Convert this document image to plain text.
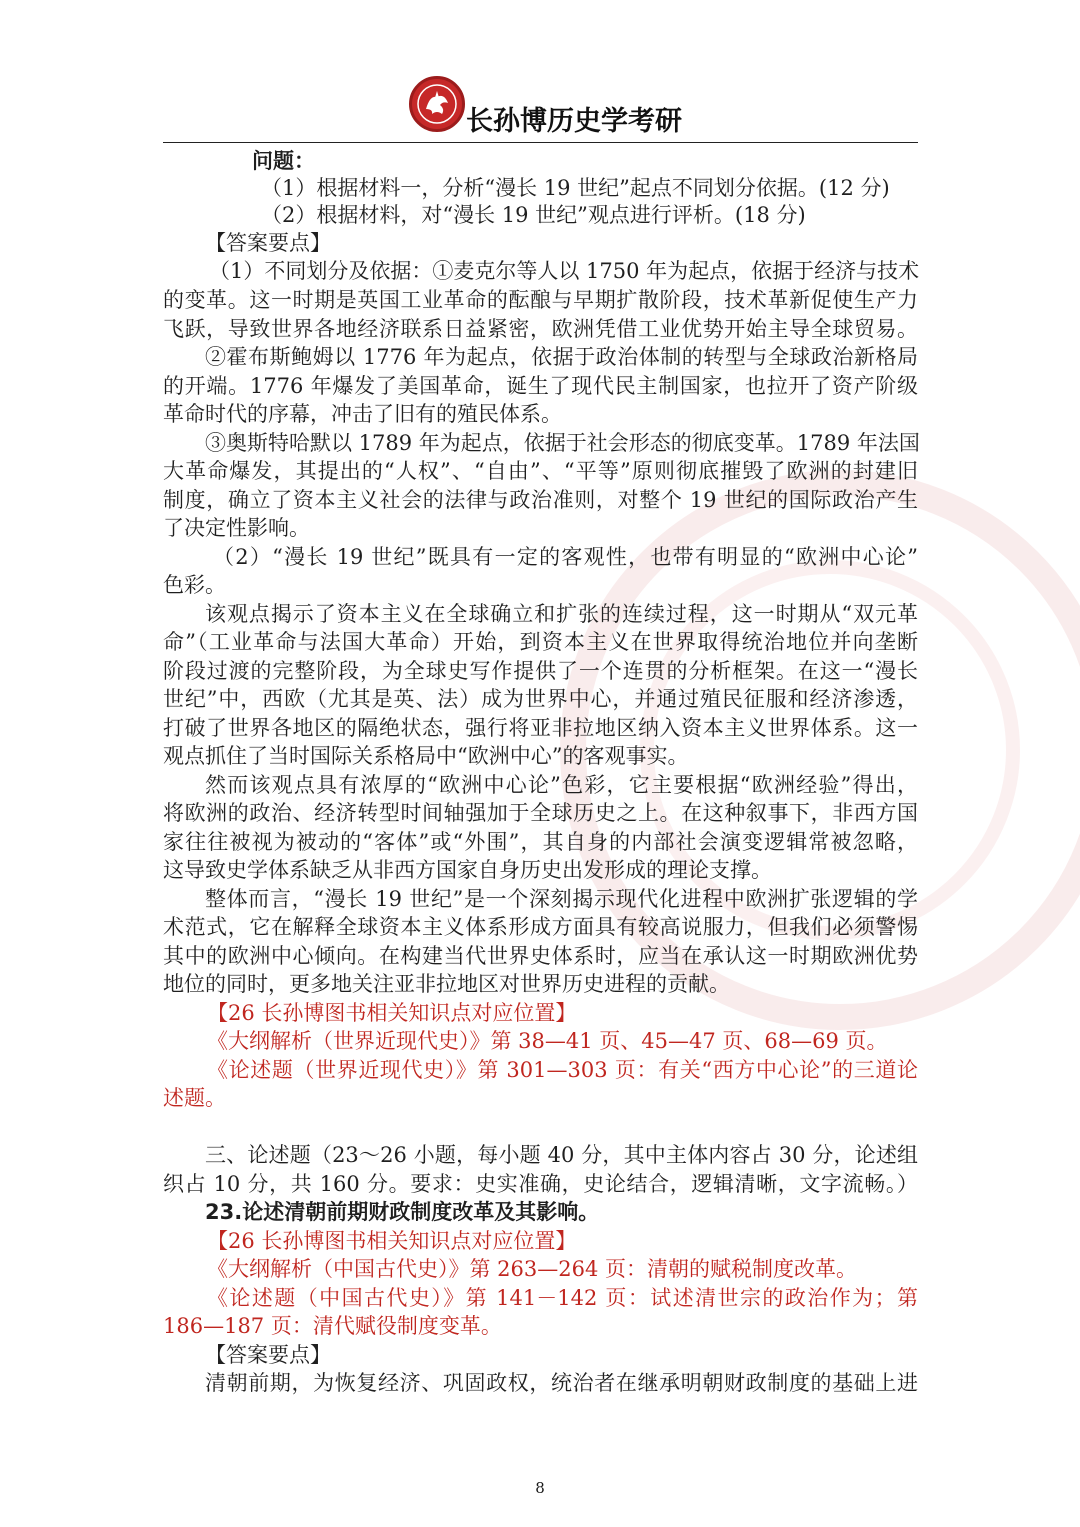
长孙博历史学考研
问题：
（1）根据材料一，分析“漫长 19 世纪”起点不同划分依据。(12 分)
（2）根据材料，对“漫长 19 世纪”观点进行评析。(18 分)
【答案要点】
（1）不同划分及依据：①麦克尔等人以 1750 年为起点，依据于经济与技术
的变革。这一时期是英国工业革命的酝酿与早期扩散阶段，技术革新促使生产力
飞跃，导致世界各地经济联系日益紧密，欧洲凭借工业优势开始主导全球贸易。
②霍布斯鲍姆以 1776 年为起点，依据于政治体制的转型与全球政治新格局
的开端。1776 年爆发了美国革命，诞生了现代民主制国家，也拉开了资产阶级
革命时代的序幕，冲击了旧有的殖民体系。
③奥斯特哈默以 1789 年为起点，依据于社会形态的彻底变革。1789 年法国
大革命爆发，其提出的“人权”、“自由”、“平等”原则彻底摧毁了欧洲的封建旧
制度，确立了资本主义社会的法律与政治准则，对整个 19 世纪的国际政治产生
了决定性影响。
（2）“漫长 19 世纪”既具有一定的客观性，也带有明显的“欧洲中心论”
色彩。
该观点揭示了资本主义在全球确立和扩张的连续过程，这一时期从“双元革
命”（工业革命与法国大革命）开始，到资本主义在世界取得统治地位并向垄断
阶段过渡的完整阶段，为全球史写作提供了一个连贯的分析框架。在这一“漫长
世纪”中，西欧（尤其是英、法）成为世界中心，并通过殖民征服和经济渗透，
打破了世界各地区的隔绝状态，强行将亚非拉地区纳入资本主义世界体系。这一
观点抓住了当时国际关系格局中“欧洲中心”的客观事实。
然而该观点具有浓厚的“欧洲中心论”色彩，它主要根据“欧洲经验”得出，
将欧洲的政治、经济转型时间轴强加于全球历史之上。在这种叙事下，非西方国
家往往被视为被动的“客体”或“外围”，其自身的内部社会演变逻辑常被忽略，
这导致史学体系缺乏从非西方国家自身历史出发形成的理论支撑。
整体而言，“漫长 19 世纪”是一个深刻揭示现代化进程中欧洲扩张逻辑的学
术范式，它在解释全球资本主义体系形成方面具有较高说服力，但我们必须警惕
其中的欧洲中心倾向。在构建当代世界史体系时，应当在承认这一时期欧洲优势
地位的同时，更多地关注亚非拉地区对世界历史进程的贡献。
【26 长孙博图书相关知识点对应位置】
《大纲解析（世界近现代史）》第 38—41 页、45—47 页、68—69 页。
《论述题（世界近现代史）》第 301—303 页：有关“西方中心论”的三道论
述题。
三、论述题（23～26 小题，每小题 40 分，其中主体内容占 30 分，论述组
织占 10 分，共 160 分。要求：史实准确，史论结合，逻辑清晰，文字流畅。）
23.论述清朝前期财政制度改革及其影响。
【26 长孙博图书相关知识点对应位置】
《大纲解析（中国古代史）》第 263—264 页：清朝的赋税制度改革。
《论述题（中国古代史）》第 141－142 页：试述清世宗的政治作为；第
186—187 页：清代赋役制度变革。
【答案要点】
清朝前期，为恢复经济、巩固政权，统治者在继承明朝财政制度的基础上进
8
